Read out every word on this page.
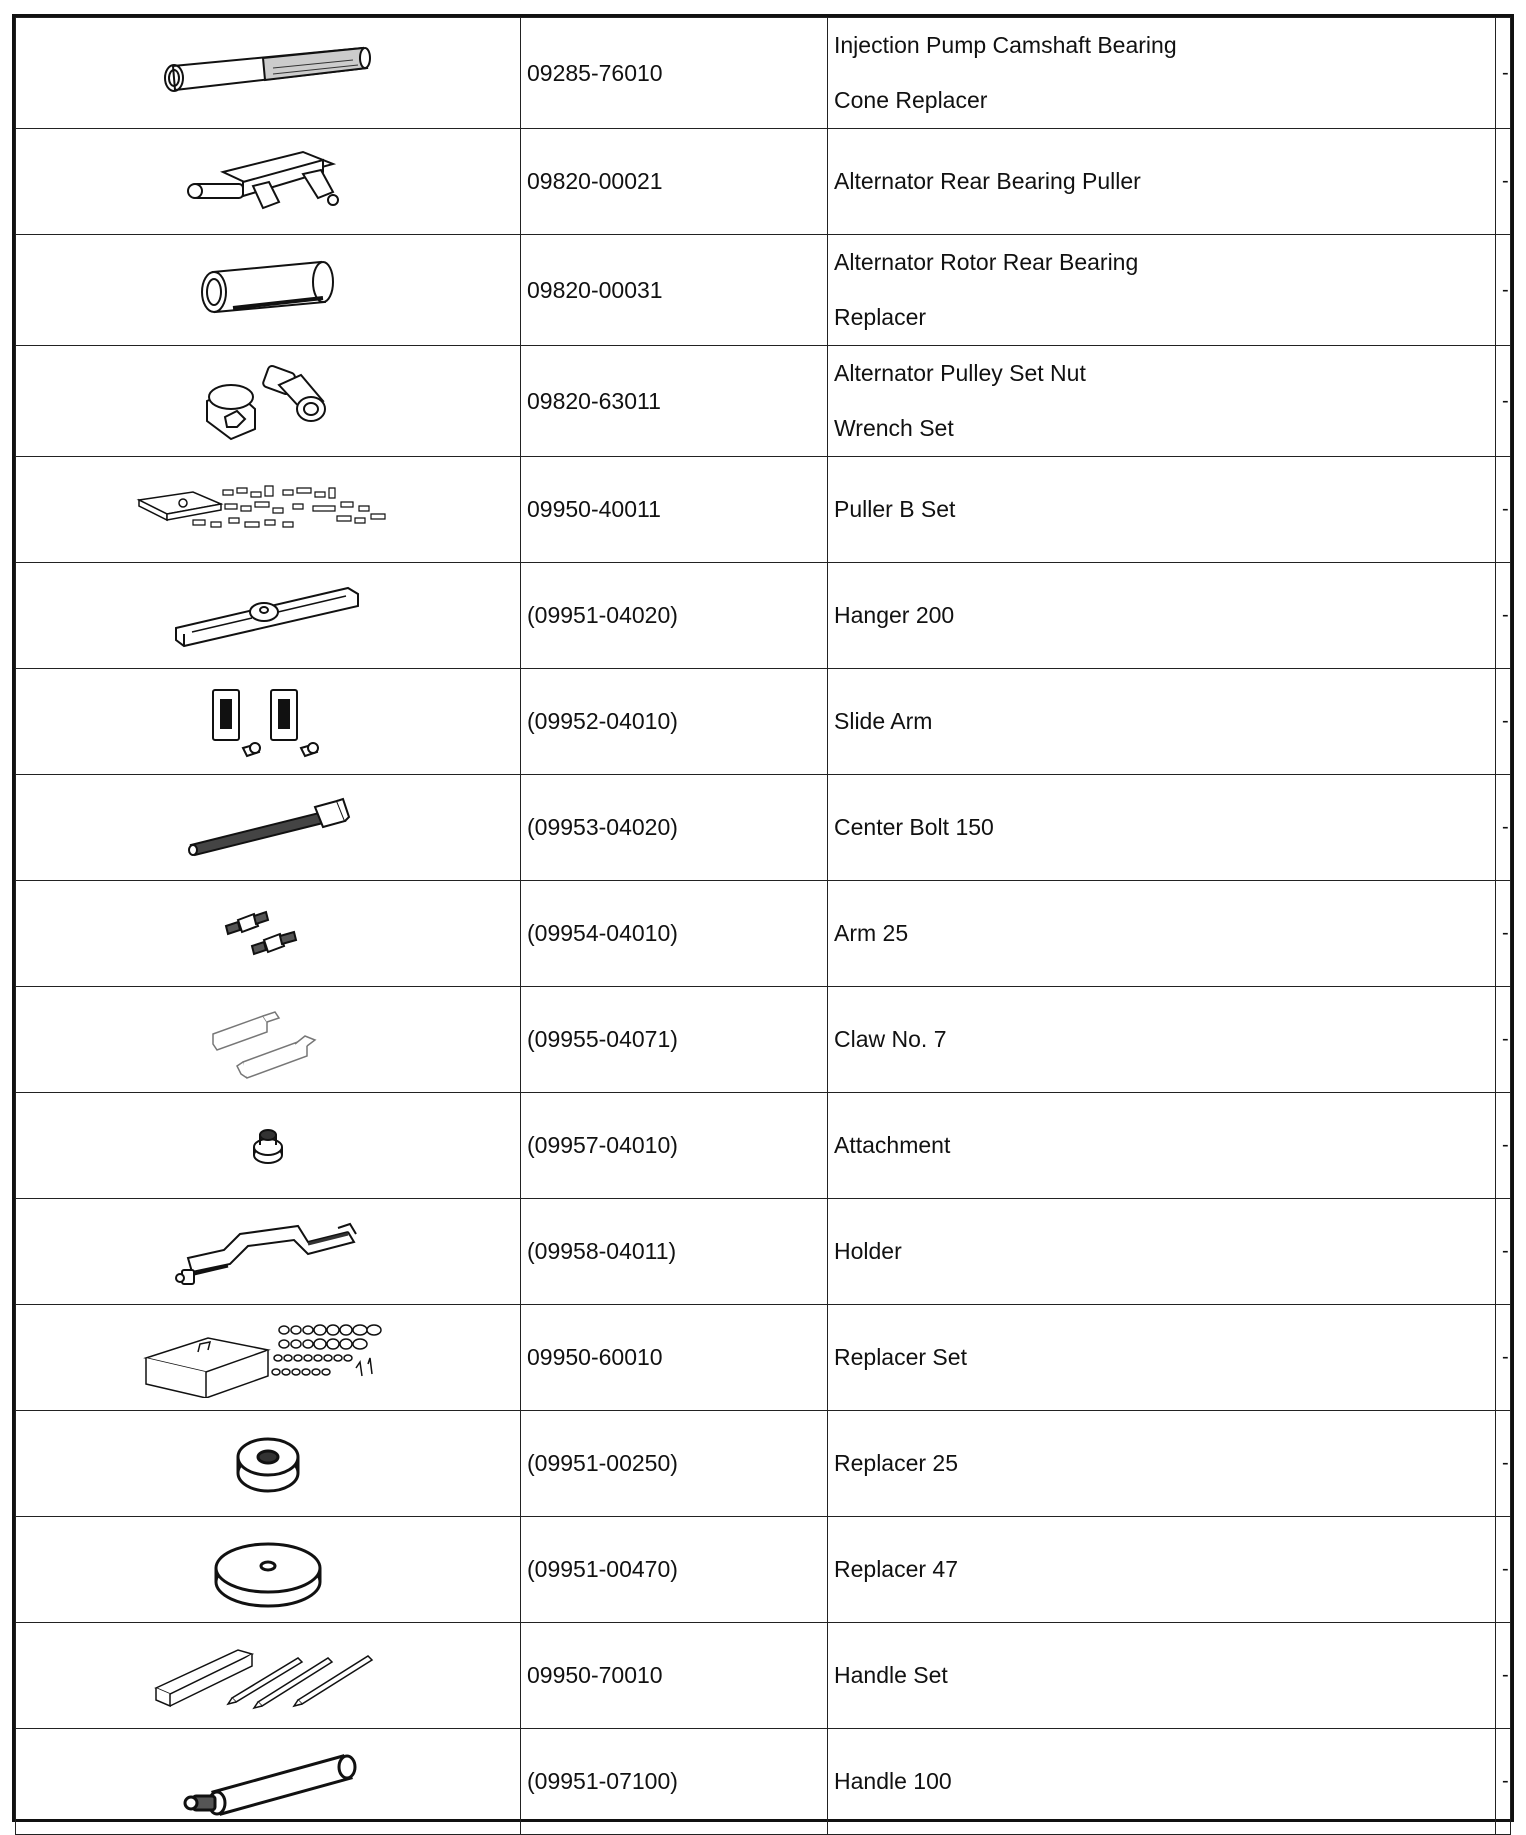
	09285-76010	Injection Pump Camshaft Bearing
Cone Replacer	-

	09820-00021	Alternator Rear Bearing Puller	-

	09820-00031	Alternator Rotor Rear Bearing
Replacer	-

	09820-63011	Alternator Pulley Set Nut
Wrench Set	-

	09950-40011	Puller B Set	-

	(09951-04020)	Hanger 200	-

	(09952-04010)	Slide Arm	-

	(09953-04020)	Center Bolt 150	-

	(09954-04010)	Arm 25	-

	(09955-04071)	Claw No. 7	-

	(09957-04010)	Attachment	-

	(09958-04011)	Holder	-

	09950-60010	Replacer Set	-

	(09951-00250)	Replacer 25	-

	(09951-00470)	Replacer 47	-

	09950-70010	Handle Set	-

	(09951-07100)	Handle 100	-
